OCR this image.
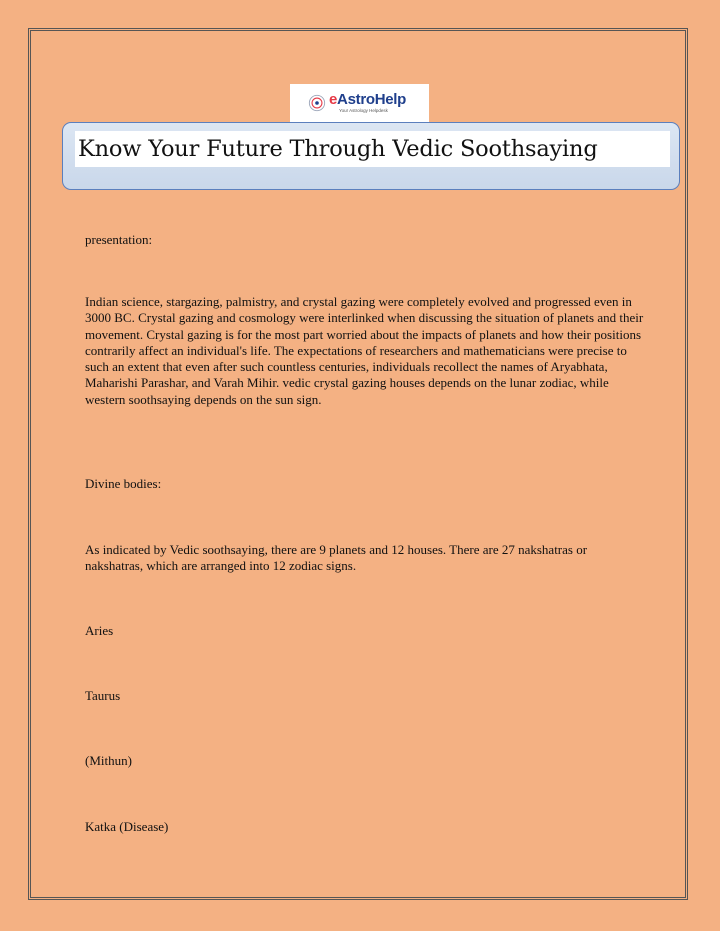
eAstroHelp
Your Astrology Helpdesk
Know Your Future Through Vedic Soothsaying

presentation:

Indian science, stargazing, palmistry, and crystal gazing were completely evolved and progressed even in 3000 BC. Crystal gazing and cosmology were interlinked when discussing the situation of planets and their movement. Crystal gazing is for the most part worried about the impacts of planets and how their positions contrarily affect an individual's life. The expectations of researchers and mathematicians were precise to such an extent that even after such countless centuries, individuals recollect the names of Aryabhata, Maharishi Parashar, and Varah Mihir. vedic crystal gazing houses depends on the lunar zodiac, while western soothsaying depends on the sun sign.

Divine bodies:

As indicated by Vedic soothsaying, there are 9 planets and 12 houses. There are 27 nakshatras or nakshatras, which are arranged into 12 zodiac signs.

Aries

Taurus

(Mithun)

Katka (Disease)
